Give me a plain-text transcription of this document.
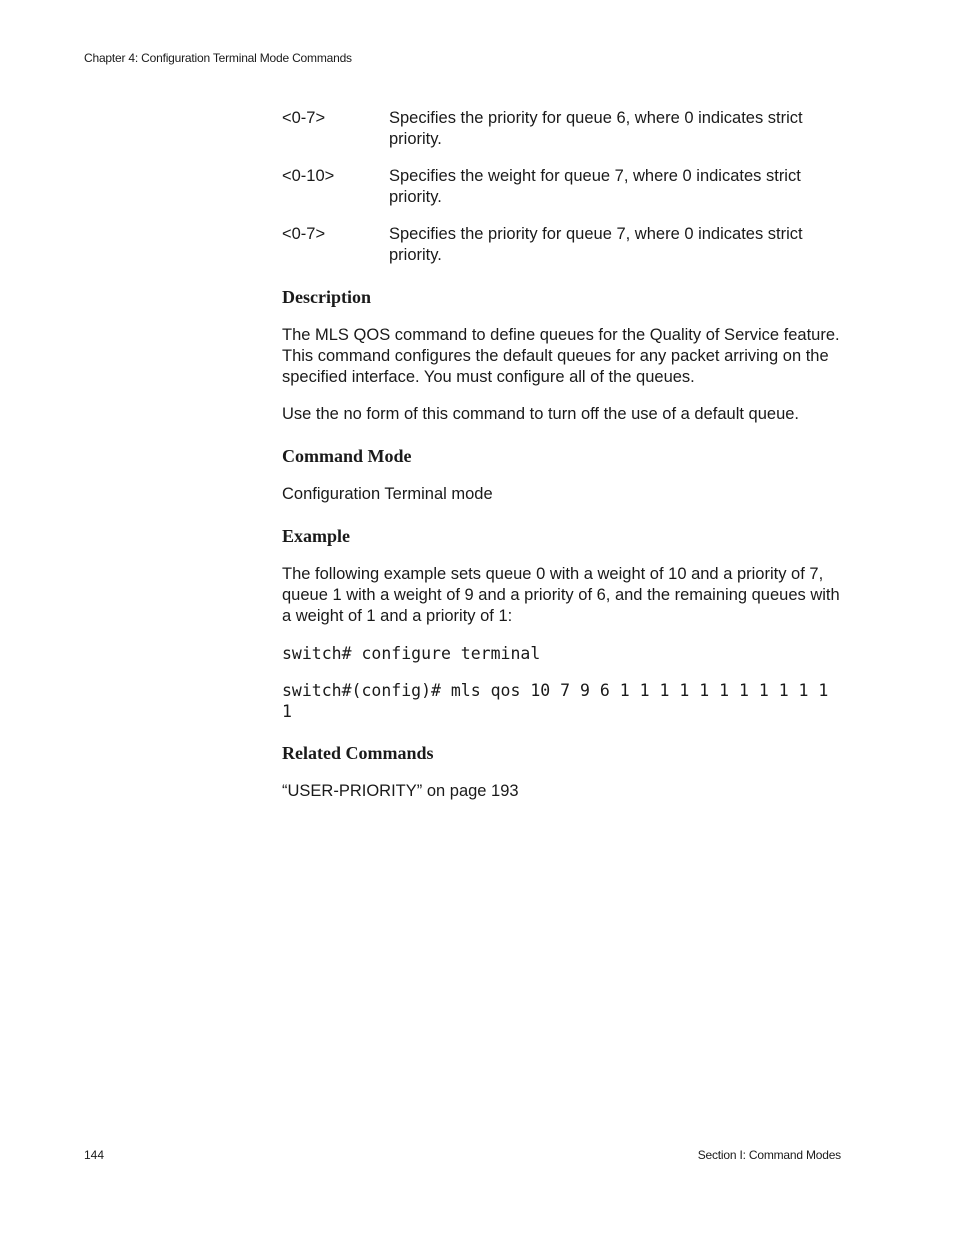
Chapter 4: Configuration Terminal Mode Commands
<0-7>	Specifies the priority for queue 6, where 0 indicates strict priority.
<0-10>	Specifies the weight for queue 7, where 0 indicates strict priority.
<0-7>	Specifies the priority for queue 7, where 0 indicates strict priority.
Description

The MLS QOS command to define queues for the Quality of Service feature. This command configures the default queues for any packet arriving on the specified interface. You must configure all of the queues.

Use the no form of this command to turn off the use of a default queue.

Command Mode

Configuration Terminal mode

Example

The following example sets queue 0 with a weight of 10 and a priority of 7, queue 1 with a weight of 9 and a priority of 6, and the remaining queues with a weight of 1 and a priority of 1:

switch# configure terminal
switch#(config)# mls qos 10 7 9 6 1 1 1 1 1 1 1 1 1 1 1 1
Related Commands

“USER-PRIORITY” on page 193

144	Section I: Command Modes
